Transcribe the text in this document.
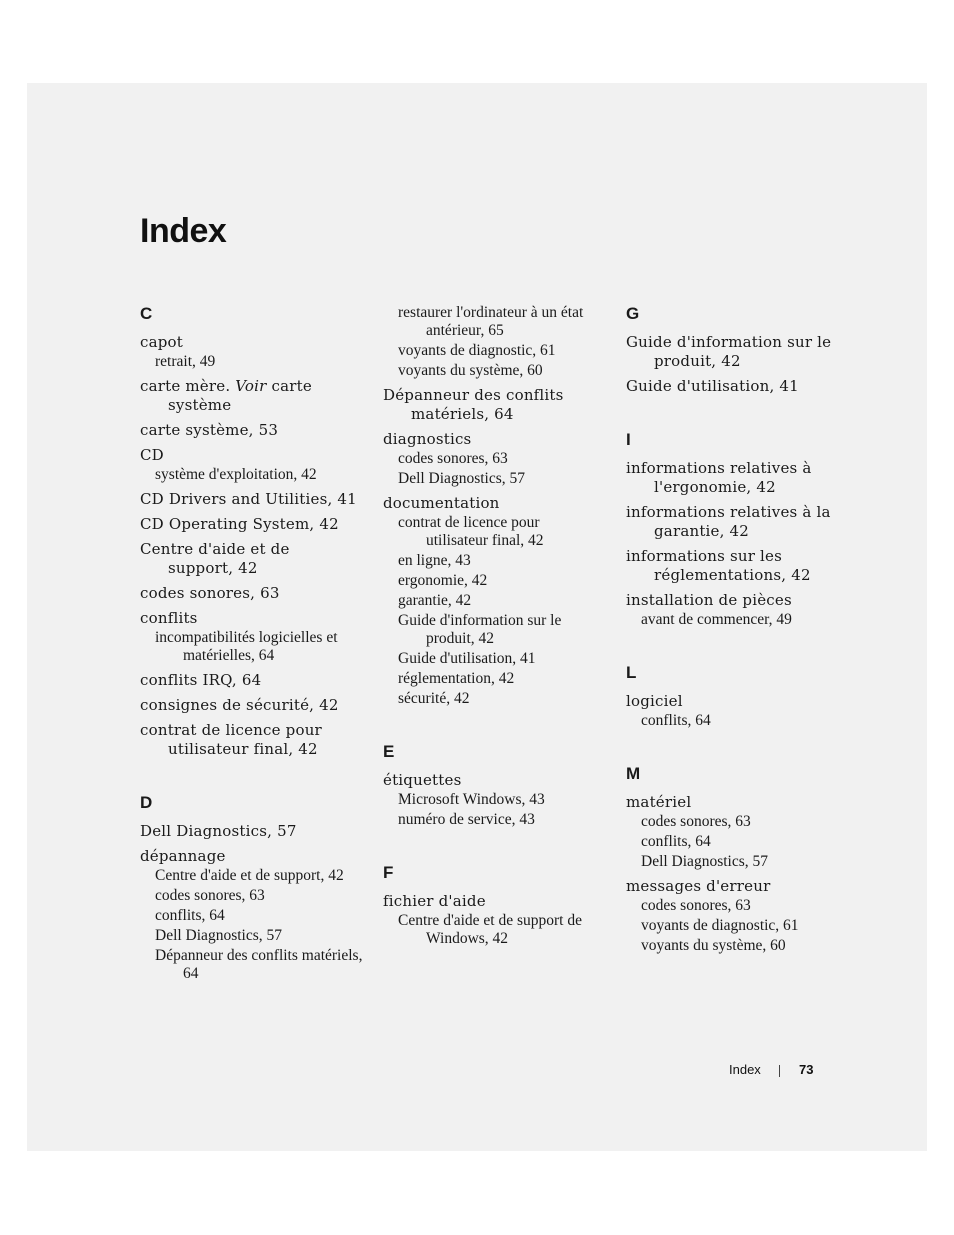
Index
C
capot
retrait, 49
carte mère. Voir carte système
carte système, 53
CD
système d'exploitation, 42
CD Drivers and Utilities, 41
CD Operating System, 42
Centre d'aide et de support, 42
codes sonores, 63
conflits
incompatibilités logicielles et matérielles, 64
conflits IRQ, 64
consignes de sécurité, 42
contrat de licence pour utilisateur final, 42
D
Dell Diagnostics, 57
dépannage
Centre d'aide et de support, 42
codes sonores, 63
conflits, 64
Dell Diagnostics, 57
Dépanneur des conflits matériels, 64
restaurer l'ordinateur à un état antérieur, 65
voyants de diagnostic, 61
voyants du système, 60
Dépanneur des conflits matériels, 64
diagnostics
codes sonores, 63
Dell Diagnostics, 57
documentation
contrat de licence pour utilisateur final, 42
en ligne, 43
ergonomie, 42
garantie, 42
Guide d'information sur le produit, 42
Guide d'utilisation, 41
réglementation, 42
sécurité, 42
E
étiquettes
Microsoft Windows, 43
numéro de service, 43
F
fichier d'aide
Centre d'aide et de support de Windows, 42
G
Guide d'information sur le produit, 42
Guide d'utilisation, 41
I
informations relatives à l'ergonomie, 42
informations relatives à la garantie, 42
informations sur les réglementations, 42
installation de pièces
avant de commencer, 49
L
logiciel
conflits, 64
M
matériel
codes sonores, 63
conflits, 64
Dell Diagnostics, 57
messages d'erreur
codes sonores, 63
voyants de diagnostic, 61
voyants du système, 60
Index	73
